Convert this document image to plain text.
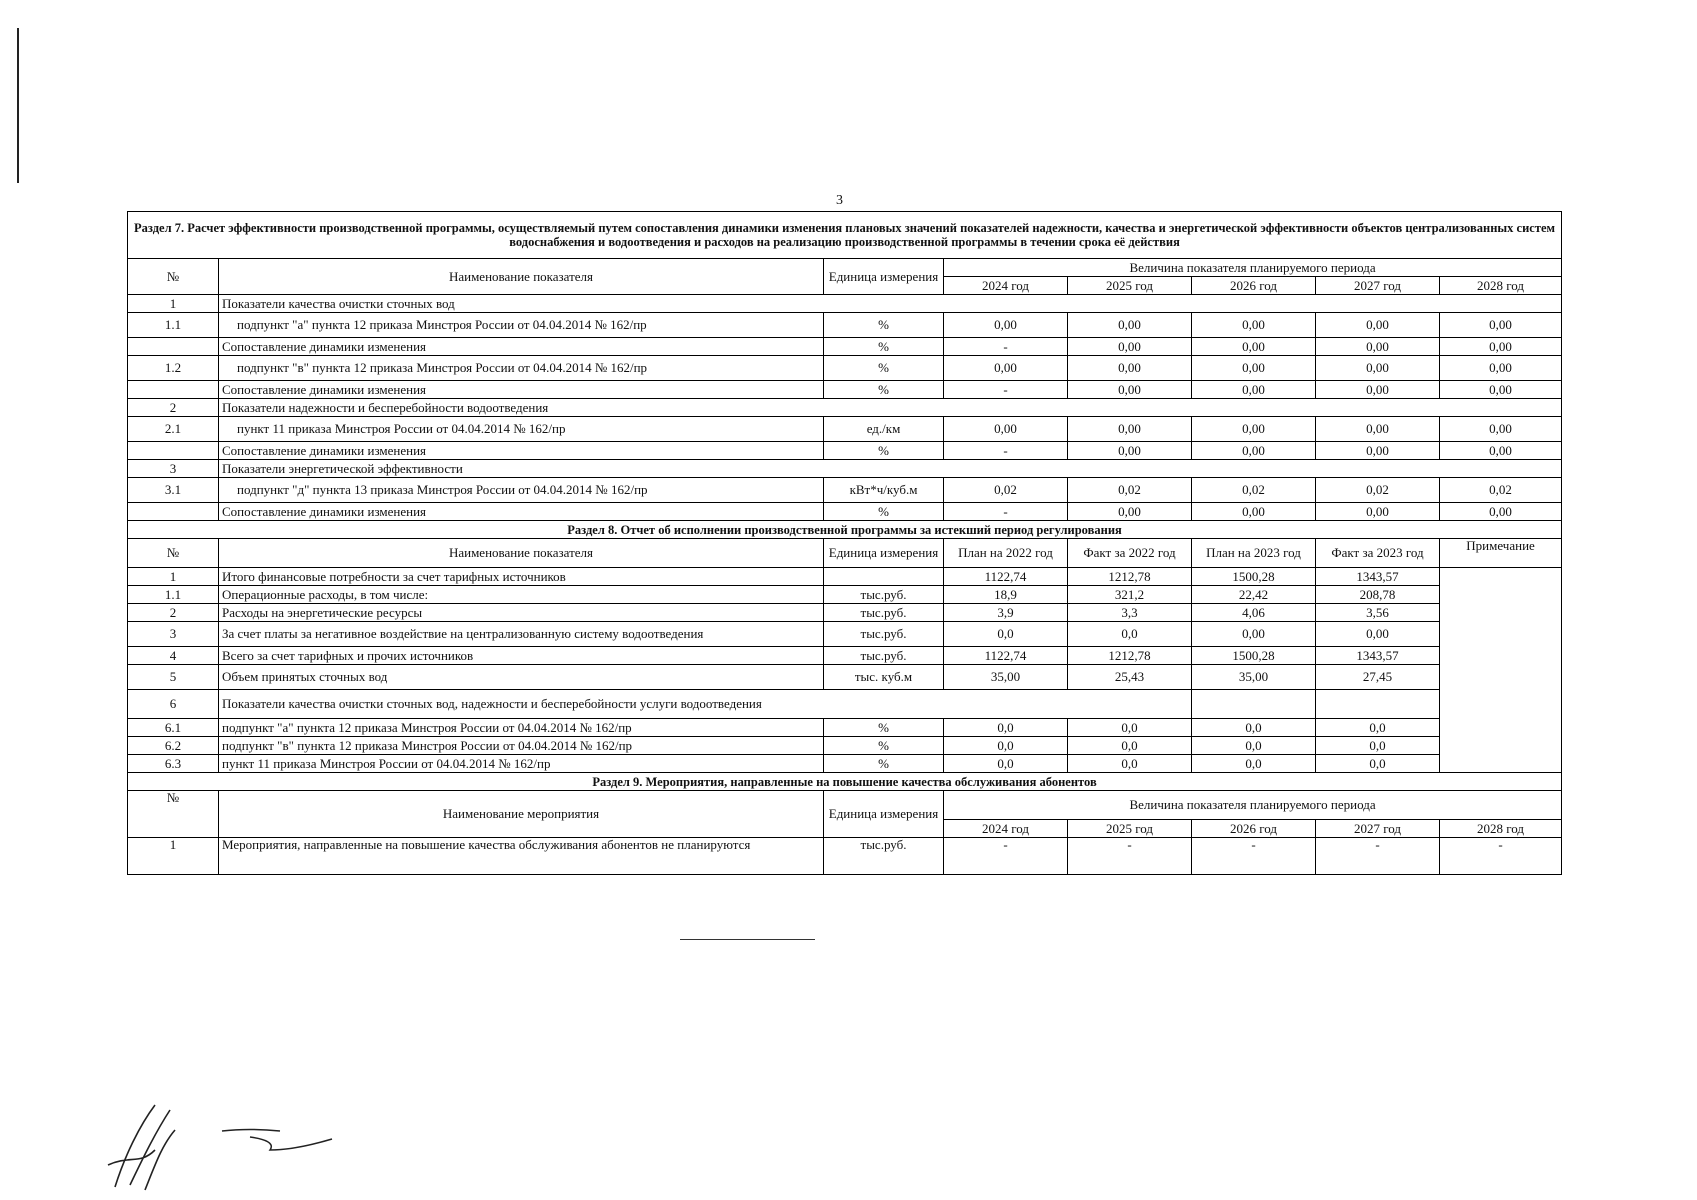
3
Раздел 7. Расчет эффективности производственной программы, осуществляемый путем сопоставления динамики изменения плановых значений показателей надежности, качества и энергетической эффективности объектов централизованных систем водоснабжения и водоотведения и расходов на реализацию производственной программы в течении срока её действия							
№	Наименование показателя	Единица измерения	Величина показателя планируемого периода				
			2024 год	2025 год	2026 год	2027 год	2028 год
1	Показатели качества очистки сточных вод						
1.1	подпункт "а" пункта 12 приказа Минстроя России от 04.04.2014 № 162/пр	%	0,00	0,00	0,00	0,00	0,00
	Сопоставление динамики изменения	%	-	0,00	0,00	0,00	0,00
1.2	подпункт "в" пункта 12 приказа Минстроя России от 04.04.2014 № 162/пр	%	0,00	0,00	0,00	0,00	0,00
	Сопоставление динамики изменения	%	-	0,00	0,00	0,00	0,00
2	Показатели надежности и бесперебойности водоотведения						
2.1	пункт 11 приказа Минстроя России от 04.04.2014 № 162/пр	ед./км	0,00	0,00	0,00	0,00	0,00
	Сопоставление динамики изменения	%	-	0,00	0,00	0,00	0,00
3	Показатели энергетической эффективности						
3.1	подпункт "д" пункта 13 приказа Минстроя России от 04.04.2014 № 162/пр	кВт*ч/куб.м	0,02	0,02	0,02	0,02	0,02
	Сопоставление динамики изменения	%	-	0,00	0,00	0,00	0,00
Раздел 8. Отчет об исполнении производственной программы за истекший период регулирования							
№	Наименование показателя	Единица измерения	План на 2022 год	Факт за 2022 год	План на 2023 год	Факт за 2023 год	Примечание
1	Итого финансовые потребности за счет тарифных источников		1122,74	1212,78	1500,28	1343,57	
1.1	Операционные расходы, в том числе:	тыс.руб.	18,9	321,2	22,42	208,78	
2	Расходы на энергетические ресурсы	тыс.руб.	3,9	3,3	4,06	3,56	
3	За счет платы за негативное воздействие на централизованную систему водоотведения	тыс.руб.	0,0	0,0	0,00	0,00	
4	Всего за счет тарифных и прочих источников	тыс.руб.	1122,74	1212,78	1500,28	1343,57	
5	Объем принятых сточных вод	тыс. куб.м	35,00	25,43	35,00	27,45	
6	Показатели качества очистки сточных вод, надежности и бесперебойности услуги водоотведения						
6.1	подпункт "а" пункта 12 приказа Минстроя России от 04.04.2014 № 162/пр	%	0,0	0,0	0,0	0,0	
6.2	подпункт "в" пункта 12 приказа Минстроя России от 04.04.2014 № 162/пр	%	0,0	0,0	0,0	0,0	
6.3	пункт 11 приказа Минстроя России от 04.04.2014 № 162/пр	%	0,0	0,0	0,0	0,0	
Раздел 9. Мероприятия, направленные на повышение качества обслуживания абонентов							
№	Наименование мероприятия	Единица измерения	Величина показателя планируемого периода				
			2024 год	2025 год	2026 год	2027 год	2028 год
1	Мероприятия, направленные на повышение качества обслуживания абонентов не планируются	тыс.руб.	-	-	-	-	-
